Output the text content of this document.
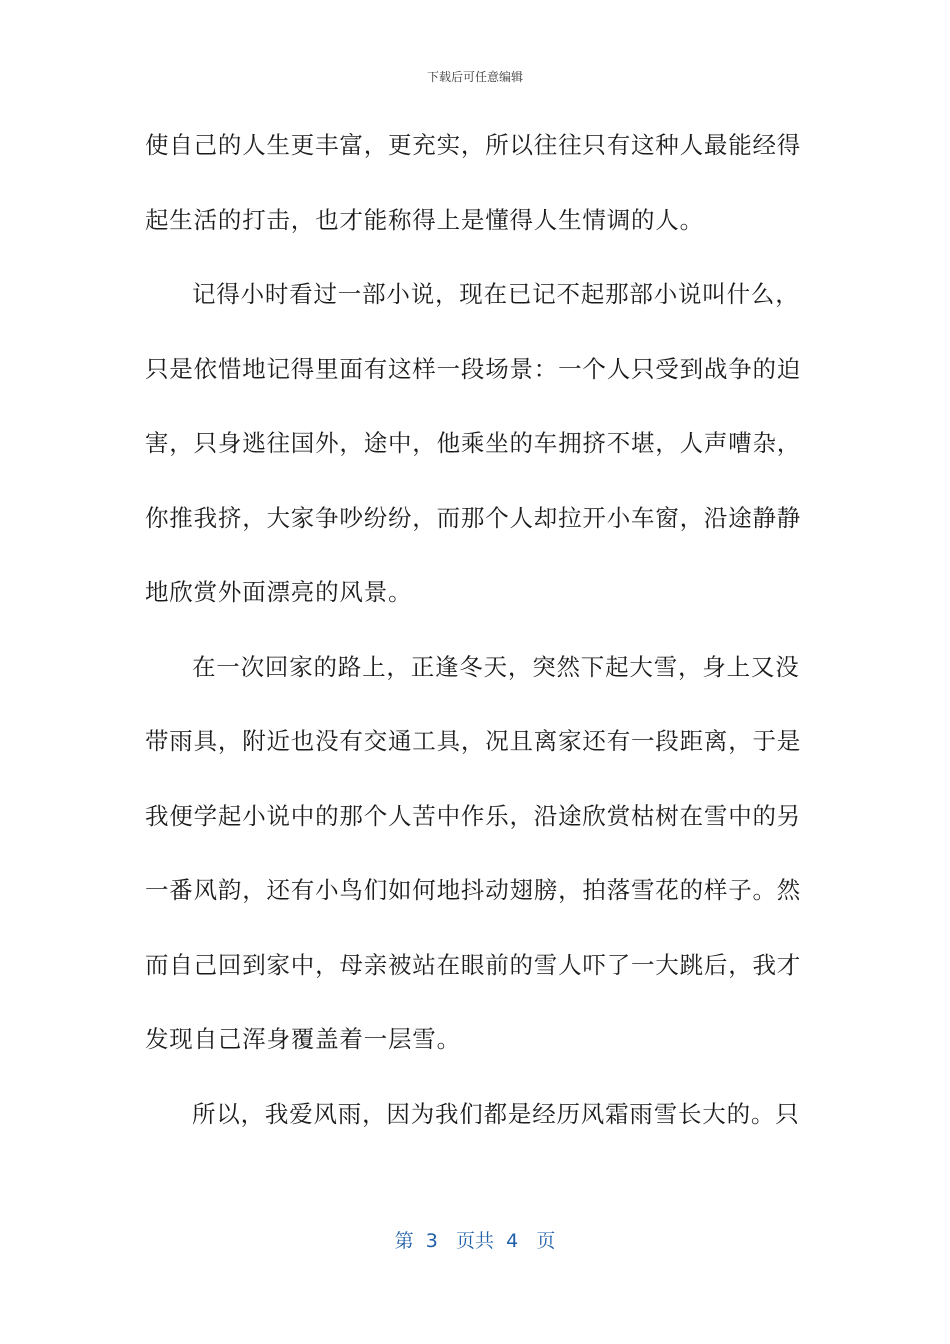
下载后可任意编辑
使自己的人生更丰富，更充实，所以往往只有这种人最能经得
起生活的打击，也才能称得上是懂得人生情调的人。
记得小时看过一部小说，现在已记不起那部小说叫什么，
只是依惜地记得里面有这样一段场景：一个人只受到战争的迫
害，只身逃往国外，途中，他乘坐的车拥挤不堪，人声嘈杂，
你推我挤，大家争吵纷纷，而那个人却拉开小车窗，沿途静静
地欣赏外面漂亮的风景。
在一次回家的路上，正逢冬天，突然下起大雪，身上又没
带雨具，附近也没有交通工具，况且离家还有一段距离，于是
我便学起小说中的那个人苦中作乐，沿途欣赏枯树在雪中的另
一番风韵，还有小鸟们如何地抖动翅膀，拍落雪花的样子。然
而自己回到家中，母亲被站在眼前的雪人吓了一大跳后，我才
发现自己浑身覆盖着一层雪。
所以，我爱风雨，因为我们都是经历风霜雨雪长大的。只
第 3 页共 4 页
